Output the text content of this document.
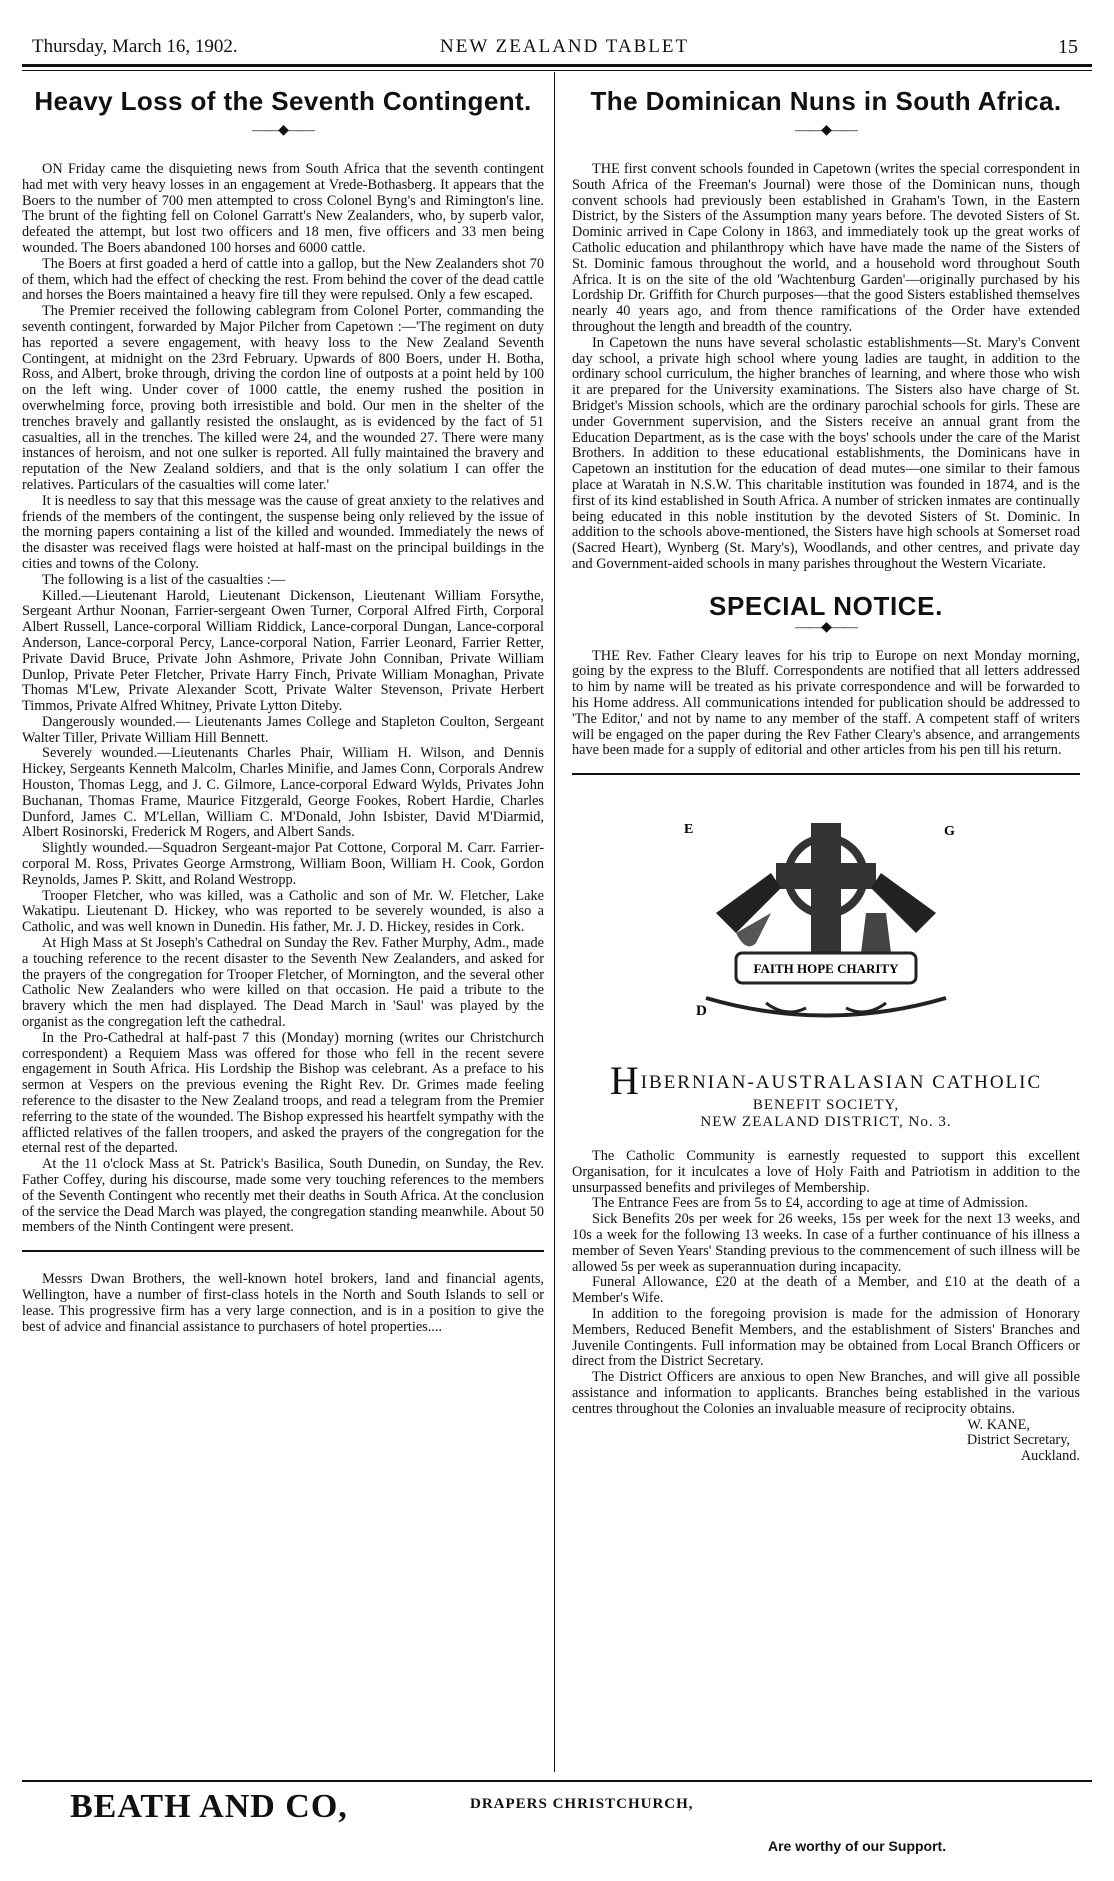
Thursday, March 16, 1902.	NEW ZEALAND TABLET	15
Heavy Loss of the Seventh Contingent.
——◆——

ON Friday came the disquieting news from South Africa that the seventh contingent had met with very heavy losses in an engagement at Vrede-Bothasberg. It appears that the Boers to the number of 700 men attempted to cross Colonel Byng's and Rimington's line. The brunt of the fighting fell on Colonel Garratt's New Zealanders, who, by superb valor, defeated the attempt, but lost two officers and 18 men, five officers and 33 men being wounded. The Boers abandoned 100 horses and 6000 cattle.

The Boers at first goaded a herd of cattle into a gallop, but the New Zealanders shot 70 of them, which had the effect of checking the rest. From behind the cover of the dead cattle and horses the Boers maintained a heavy fire till they were repulsed. Only a few escaped.

The Premier received the following cablegram from Colonel Porter, commanding the seventh contingent, forwarded by Major Pilcher from Capetown :—'The regiment on duty has reported a severe engagement, with heavy loss to the New Zealand Seventh Contingent, at midnight on the 23rd February. Upwards of 800 Boers, under H. Botha, Ross, and Albert, broke through, driving the cordon line of outposts at a point held by 100 on the left wing. Under cover of 1000 cattle, the enemy rushed the position in overwhelming force, proving both irresistible and bold. Our men in the shelter of the trenches bravely and gallantly resisted the onslaught, as is evidenced by the fact of 51 casualties, all in the trenches. The killed were 24, and the wounded 27. There were many instances of heroism, and not one sulker is reported. All fully maintained the bravery and reputation of the New Zealand soldiers, and that is the only solatium I can offer the relatives. Particulars of the casualties will come later.'

It is needless to say that this message was the cause of great anxiety to the relatives and friends of the members of the contingent, the suspense being only relieved by the issue of the morning papers containing a list of the killed and wounded. Immediately the news of the disaster was received flags were hoisted at half-mast on the principal buildings in the cities and towns of the Colony.

The following is a list of the casualties :—

Killed.—Lieutenant Harold, Lieutenant Dickenson, Lieutenant William Forsythe, Sergeant Arthur Noonan, Farrier-sergeant Owen Turner, Corporal Alfred Firth, Corporal Albert Russell, Lance-corporal William Riddick, Lance-corporal Dungan, Lance-corporal Anderson, Lance-corporal Percy, Lance-corporal Nation, Farrier Leonard, Farrier Retter, Private David Bruce, Private John Ashmore, Private John Conniban, Private William Dunlop, Private Peter Fletcher, Private Harry Finch, Private William Monaghan, Private Thomas M'Lew, Private Alexander Scott, Private Walter Stevenson, Private Herbert Timmos, Private Alfred Whitney, Private Lytton Diteby.

Dangerously wounded.— Lieutenants James College and Stapleton Coulton, Sergeant Walter Tiller, Private William Hill Bennett.

Severely wounded.—Lieutenants Charles Phair, William H. Wilson, and Dennis Hickey, Sergeants Kenneth Malcolm, Charles Minifie, and James Conn, Corporals Andrew Houston, Thomas Legg, and J. C. Gilmore, Lance-corporal Edward Wylds, Privates John Buchanan, Thomas Frame, Maurice Fitzgerald, George Fookes, Robert Hardie, Charles Dunford, James C. M'Lellan, William C. M'Donald, John Isbister, David M'Diarmid, Albert Rosinorski, Frederick M Rogers, and Albert Sands.

Slightly wounded.—Squadron Sergeant-major Pat Cottone, Corporal M. Carr. Farrier-corporal M. Ross, Privates George Armstrong, William Boon, William H. Cook, Gordon Reynolds, James P. Skitt, and Roland Westropp.

Trooper Fletcher, who was killed, was a Catholic and son of Mr. W. Fletcher, Lake Wakatipu. Lieutenant D. Hickey, who was reported to be severely wounded, is also a Catholic, and was well known in Dunedin. His father, Mr. J. D. Hickey, resides in Cork.

At High Mass at St Joseph's Cathedral on Sunday the Rev. Father Murphy, Adm., made a touching reference to the recent disaster to the Seventh New Zealanders, and asked for the prayers of the congregation for Trooper Fletcher, of Mornington, and the several other Catholic New Zealanders who were killed on that occasion. He paid a tribute to the bravery which the men had displayed. The Dead March in 'Saul' was played by the organist as the congregation left the cathedral.

In the Pro-Cathedral at half-past 7 this (Monday) morning (writes our Christchurch correspondent) a Requiem Mass was offered for those who fell in the recent severe engagement in South Africa. His Lordship the Bishop was celebrant. As a preface to his sermon at Vespers on the previous evening the Right Rev. Dr. Grimes made feeling reference to the disaster to the New Zealand troops, and read a telegram from the Premier referring to the state of the wounded. The Bishop expressed his heartfelt sympathy with the afflicted relatives of the fallen troopers, and asked the prayers of the congregation for the eternal rest of the departed.

At the 11 o'clock Mass at St. Patrick's Basilica, South Dunedin, on Sunday, the Rev. Father Coffey, during his discourse, made some very touching references to the members of the Seventh Contingent who recently met their deaths in South Africa. At the conclusion of the service the Dead March was played, the congregation standing meanwhile. About 50 members of the Ninth Contingent were present.

Messrs Dwan Brothers, the well-known hotel brokers, land and financial agents, Wellington, have a number of first-class hotels in the North and South Islands to sell or lease. This progressive firm has a very large connection, and is in a position to give the best of advice and financial assistance to purchasers of hotel properties....

The Dominican Nuns in South Africa.
——◆——

THE first convent schools founded in Capetown (writes the special correspondent in South Africa of the Freeman's Journal) were those of the Dominican nuns, though convent schools had previously been established in Graham's Town, in the Eastern District, by the Sisters of the Assumption many years before. The devoted Sisters of St. Dominic arrived in Cape Colony in 1863, and immediately took up the great works of Catholic education and philanthropy which have have made the name of the Sisters of St. Dominic famous throughout the world, and a household word throughout South Africa. It is on the site of the old 'Wachtenburg Garden'—originally purchased by his Lordship Dr. Griffith for Church purposes—that the good Sisters established themselves nearly 40 years ago, and from thence ramifications of the Order have extended throughout the length and breadth of the country.

In Capetown the nuns have several scholastic establishments—St. Mary's Convent day school, a private high school where young ladies are taught, in addition to the ordinary school curriculum, the higher branches of learning, and where those who wish it are prepared for the University examinations. The Sisters also have charge of St. Bridget's Mission schools, which are the ordinary parochial schools for girls. These are under Government supervision, and the Sisters receive an annual grant from the Education Department, as is the case with the boys' schools under the care of the Marist Brothers. In addition to these educational establishments, the Dominicans have in Capetown an institution for the education of dead mutes—one similar to their famous place at Waratah in N.S.W. This charitable institution was founded in 1874, and is the first of its kind established in South Africa. A number of stricken inmates are continually being educated in this noble institution by the devoted Sisters of St. Dominic. In addition to the schools above-mentioned, the Sisters have high schools at Somerset road (Sacred Heart), Wynberg (St. Mary's), Woodlands, and other centres, and private day and Government-aided schools in many parishes throughout the Western Vicariate.

SPECIAL NOTICE.
——◆——

THE Rev. Father Cleary leaves for his trip to Europe on next Monday morning, going by the express to the Bluff. Correspondents are notified that all letters addressed to him by name will be treated as his private correspondence and will be forwarded to his Home address. All communications intended for publication should be addressed to 'The Editor,' and not by name to any member of the staff. A competent staff of writers will be engaged on the paper during the Rev Father Cleary's absence, and arrangements have been made for a supply of editorial and other articles from his pen till his return.

E	G
D
FAITH HOPE CHARITY
HIBERNIAN-AUSTRALASIAN CATHOLIC
BENEFIT SOCIETY,
NEW ZEALAND DISTRICT, No. 3.

The Catholic Community is earnestly requested to support this excellent Organisation, for it inculcates a love of Holy Faith and Patriotism in addition to the unsurpassed benefits and privileges of Membership.

The Entrance Fees are from 5s to £4, according to age at time of Admission.

Sick Benefits 20s per week for 26 weeks, 15s per week for the next 13 weeks, and 10s a week for the following 13 weeks. In case of a further continuance of his illness a member of Seven Years' Standing previous to the commencement of such illness will be allowed 5s per week as superannuation during incapacity.

Funeral Allowance, £20 at the death of a Member, and £10 at the death of a Member's Wife.

In addition to the foregoing provision is made for the admission of Honorary Members, Reduced Benefit Members, and the establishment of Sisters' Branches and Juvenile Contingents. Full information may be obtained from Local Branch Officers or direct from the District Secretary.

The District Officers are anxious to open New Branches, and will give all possible assistance and information to applicants. Branches being established in the various centres throughout the Colonies an invaluable measure of reciprocity obtains.

W. KANE,
District Secretary,
Auckland.
BEATH AND CO,	DRAPERS CHRISTCHURCH,
Are worthy of our Support.
